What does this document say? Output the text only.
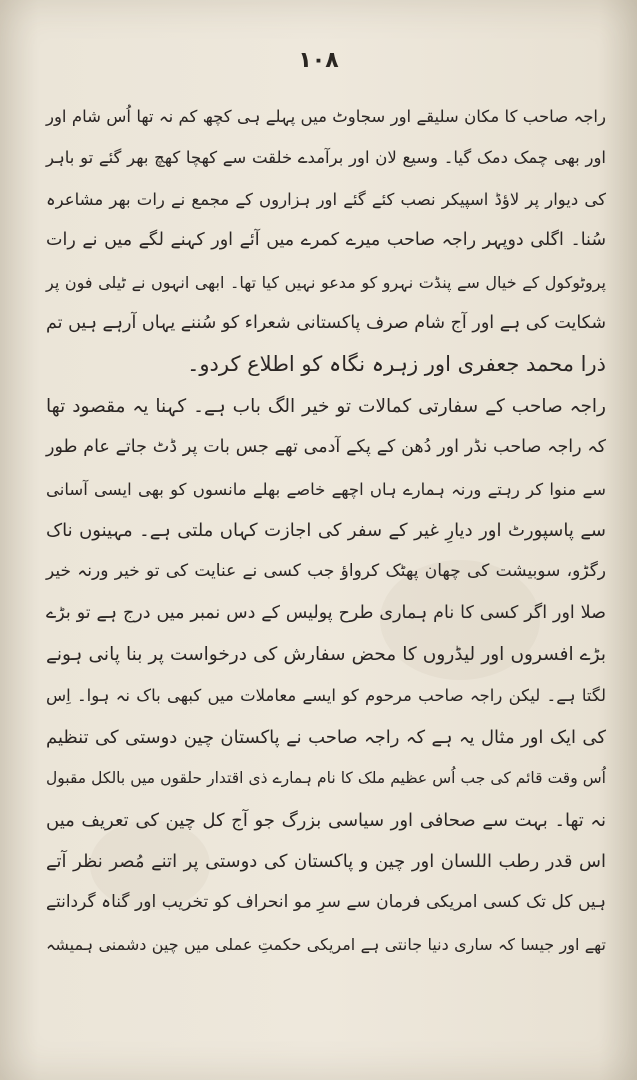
۱۰۸
راجہ صاحب کا مکان سلیقے اور سجاوٹ میں پہلے ہی کچھ کم نہ تھا اُس شام اور
اور بھی چمک دمک گیا۔ وسیع لان اور برآمدے خلقت سے کھچا کھچ بھر گئے تو باہر
کی دیوار پر لاؤڈ اسپیکر نصب کئے گئے اور ہزاروں کے مجمع نے رات بھر مشاعرہ
سُنا۔ اگلی دوپہر راجہ صاحب میرے کمرے میں آئے اور کہنے لگے میں نے رات
پروٹوکول کے خیال سے پنڈت نہرو کو مدعو نہیں کیا تھا۔ ابھی انہوں نے ٹیلی فون پر
شکایت کی ہے اور آج شام صرف پاکستانی شعراء کو سُننے یہاں آرہے ہیں تم
ذرا محمد جعفری اور زہرہ نگاہ کو اطلاع کردو۔
راجہ صاحب کے سفارتی کمالات تو خیر الگ باب ہے۔ کہنا یہ مقصود تھا
کہ راجہ صاحب نڈر اور دُھن کے پکے آدمی تھے جس بات پر ڈٹ جاتے عام طور
سے منوا کر رہتے ورنہ ہمارے ہاں اچھے خاصے بھلے مانسوں کو بھی ایسی آسانی
سے پاسپورٹ اور دیارِ غیر کے سفر کی اجازت کہاں ملتی ہے۔ مہینوں ناک
رگڑو، سوبیشت کی چھان پھٹک کرواؤ جب کسی نے عنایت کی تو خیر ورنہ خیر
صلا اور اگر کسی کا نام ہماری طرح پولیس کے دس نمبر میں درج ہے تو بڑے
بڑے افسروں اور لیڈروں کا محض سفارش کی درخواست پر بنا پانی ہونے
لگتا ہے۔ لیکن راجہ صاحب مرحوم کو ایسے معاملات میں کبھی باک نہ ہوا۔ اِس
کی ایک اور مثال یہ ہے کہ راجہ صاحب نے پاکستان چین دوستی کی تنظیم
اُس وقت قائم کی جب اُس عظیم ملک کا نام ہمارے ذی اقتدار حلقوں میں بالکل مقبول
نہ تھا۔ بہت سے صحافی اور سیاسی بزرگ جو آج کل چین کی تعریف میں
اس قدر رطب اللسان اور چین و پاکستان کی دوستی پر اتنے مُصر نظر آتے
ہیں کل تک کسی امریکی فرمان سے سرِ مو انحراف کو تخریب اور گناہ گردانتے
تھے اور جیسا کہ ساری دنیا جانتی ہے امریکی حکمتِ عملی میں چین دشمنی ہمیشہ
